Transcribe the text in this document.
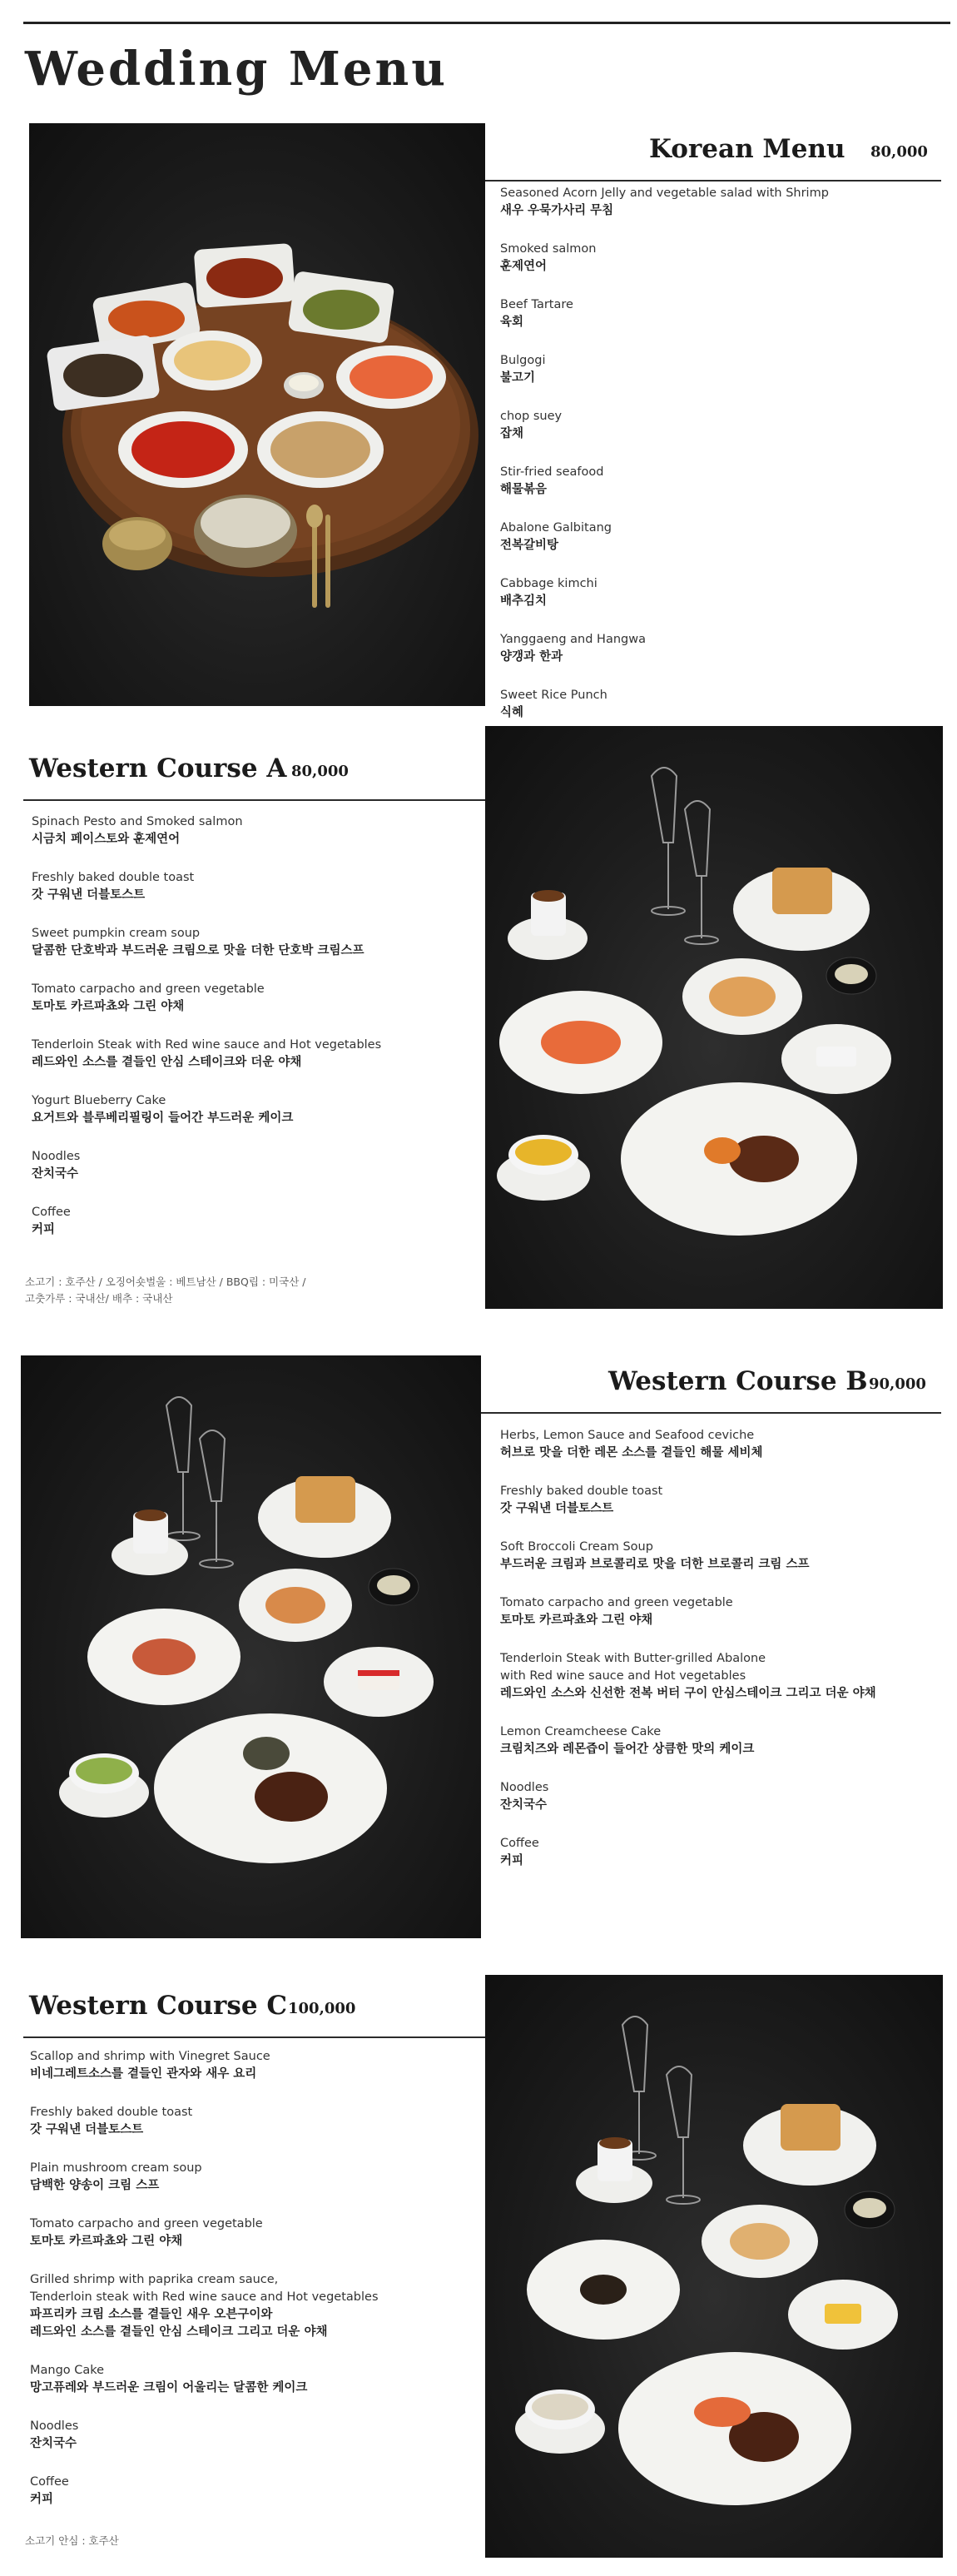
Wedding Menu
Korean Menu 80,000
Seasoned Acorn Jelly and vegetable salad with Shrimp
새우 우묵가사리 무침
Smoked salmon
훈제연어
Beef Tartare
육회
Bulgogi
불고기
chop suey
잡채
Stir-fried seafood
해물볶음
Abalone Galbitang
전복갈비탕
Cabbage kimchi
배추김치
Yanggaeng and Hangwa
양갱과 한과
Sweet Rice Punch
식혜
Western Course A 80,000
Spinach Pesto and Smoked salmon
시금치 페이스토와 훈제연어
Freshly baked double toast
갓 구워낸 더블토스트
Sweet pumpkin cream soup
달콤한 단호박과 부드러운 크림으로 맛을 더한 단호박 크림스프
Tomato carpacho and green vegetable
토마토 카르파쵸와 그린 야채
Tenderloin Steak with Red wine sauce and Hot vegetables
레드와인 소스를 곁들인 안심 스테이크와 더운 야채
Yogurt Blueberry Cake
요거트와 블루베리필링이 들어간 부드러운 케이크
Noodles
잔치국수
Coffee
커피
소고기 : 호주산 / 오징어숏벌울 : 베트남산 / BBQ립 : 미국산 /
고춧가루 : 국내산/ 배추 : 국내산
Western Course B 90,000
Herbs, Lemon Sauce and Seafood ceviche
허브로 맛을 더한 레몬 소스를 곁들인 해물 세비체
Freshly baked double toast
갓 구워낸 더블토스트
Soft Broccoli Cream Soup
부드러운 크림과 브로콜리로 맛을 더한 브로콜리 크림 스프
Tomato carpacho and green vegetable
토마토 카르파쵸와 그린 야채
Tenderloin Steak with Butter-grilled Abalone
with Red wine sauce and Hot vegetables
레드와인 소스와 신선한 전복 버터 구이 안심스테이크 그리고 더운 야채
Lemon Creamcheese Cake
크림치즈와 레몬즙이 들어간 상큼한 맛의 케이크
Noodles
잔치국수
Coffee
커피
Western Course C 100,000
Scallop and shrimp with Vinegret Sauce
비네그레트소스를 곁들인 관자와 새우 요리
Freshly baked double toast
갓 구워낸 더블토스트
Plain mushroom cream soup
담백한 양송이 크림 스프
Tomato carpacho and green vegetable
토마토 카르파쵸와 그린 야채
Grilled shrimp with paprika cream sauce,
Tenderloin steak with Red wine sauce and Hot vegetables
파프리카 크림 소스를 곁들인 새우 오븐구이와
레드와인 소스를 곁들인 안심 스테이크 그리고 더운 야채
Mango Cake
망고퓨레와 부드러운 크림이 어울리는 달콤한 케이크
Noodles
잔치국수
Coffee
커피
소고기 안심 : 호주산
